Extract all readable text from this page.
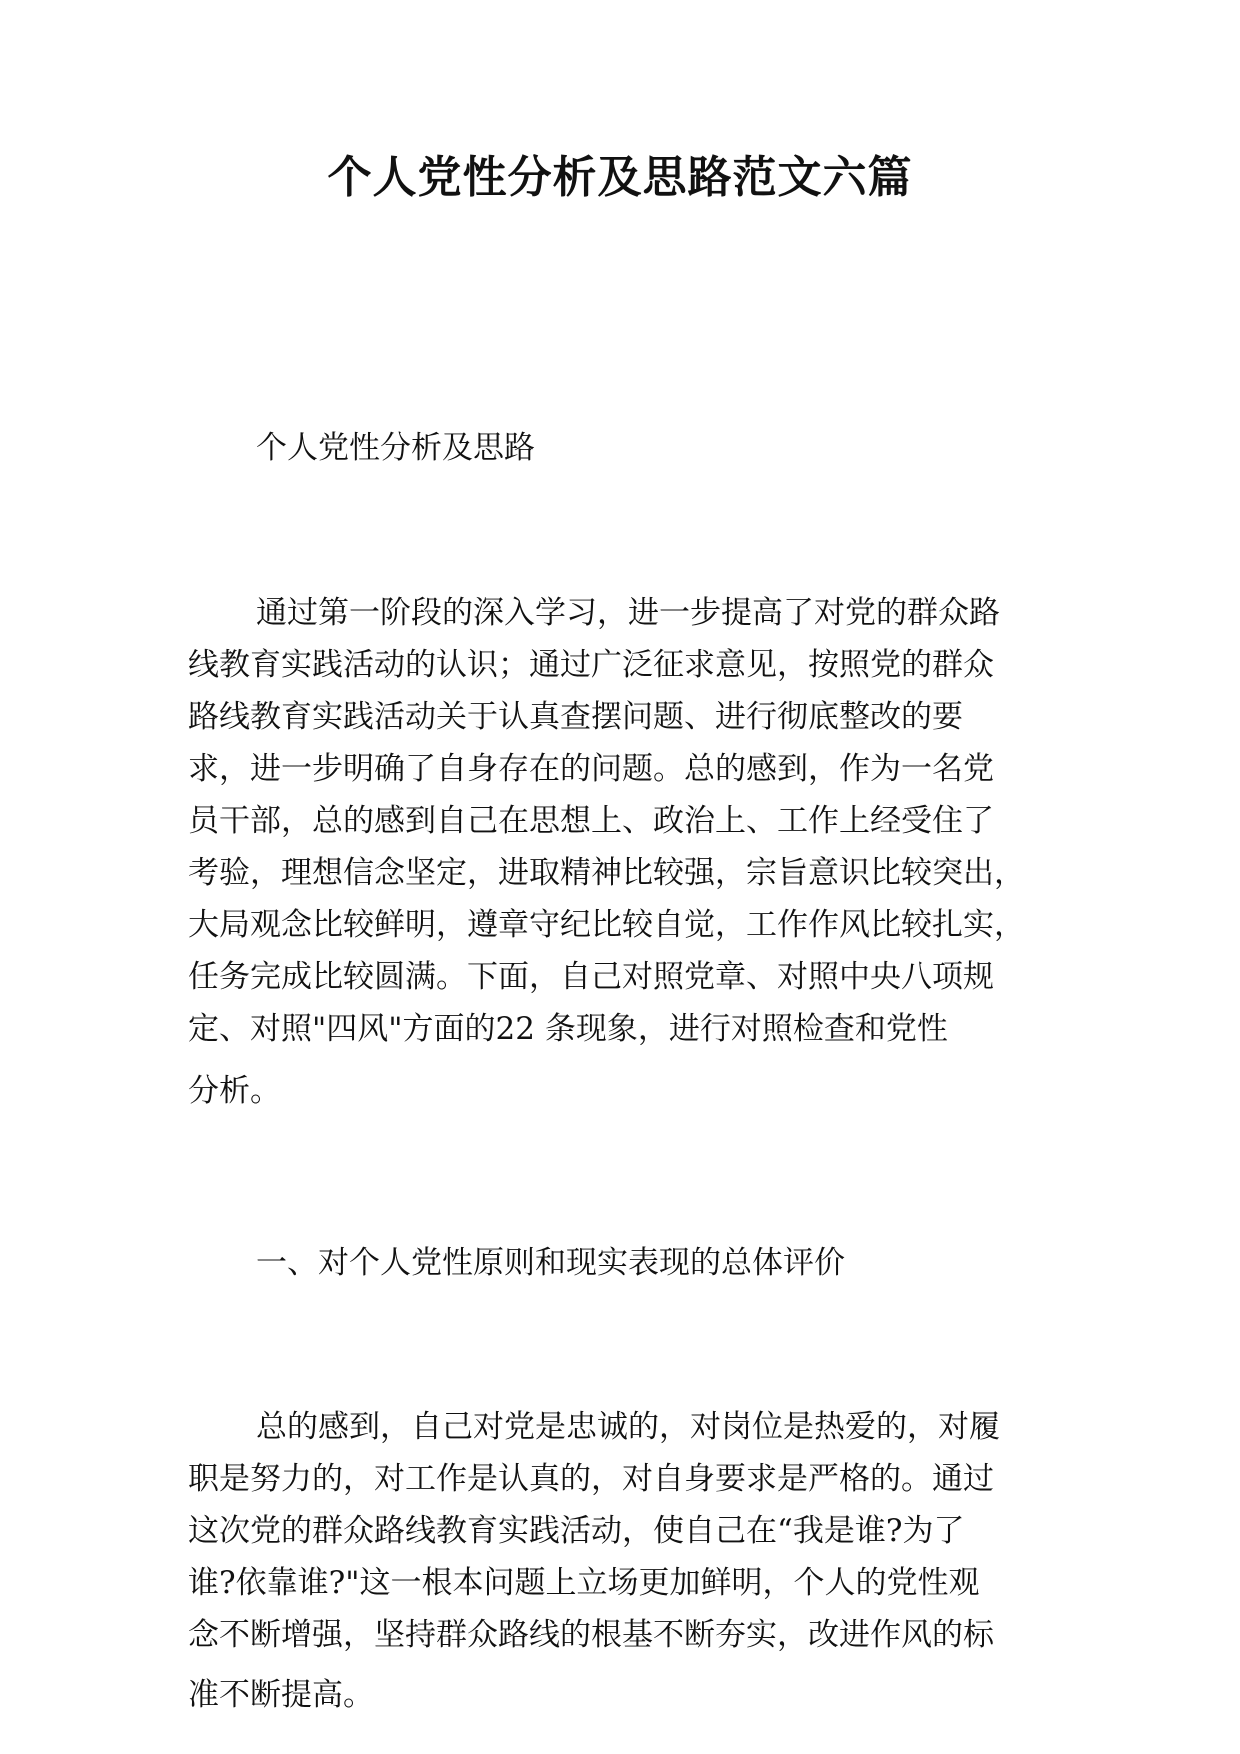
个人党性分析及思路范文六篇

个人党性分析及思路

通过第一阶段的深入学习，进一步提高了对党的群众路

线教育实践活动的认识；通过广泛征求意见，按照党的群众

路线教育实践活动关于认真查摆问题、进行彻底整改的要

求，进一步明确了自身存在的问题。总的感到，作为一名党

员干部，总的感到自己在思想上、政治上、工作上经受住了

考验，理想信念坚定，进取精神比较强，宗旨意识比较突出，

大局观念比较鲜明，遵章守纪比较自觉，工作作风比较扎实，

任务完成比较圆满。下面，自己对照党章、对照中央八项规

定、对照"四风"方面的22 条现象，进行对照检查和党性

分析。

一、对个人党性原则和现实表现的总体评价

总的感到，自己对党是忠诚的，对岗位是热爱的，对履

职是努力的，对工作是认真的，对自身要求是严格的。通过

这次党的群众路线教育实践活动，使自己在“我是谁?为了

谁?依靠谁?"这一根本问题上立场更加鲜明，个人的党性观

念不断增强，坚持群众路线的根基不断夯实，改进作风的标

准不断提高。
